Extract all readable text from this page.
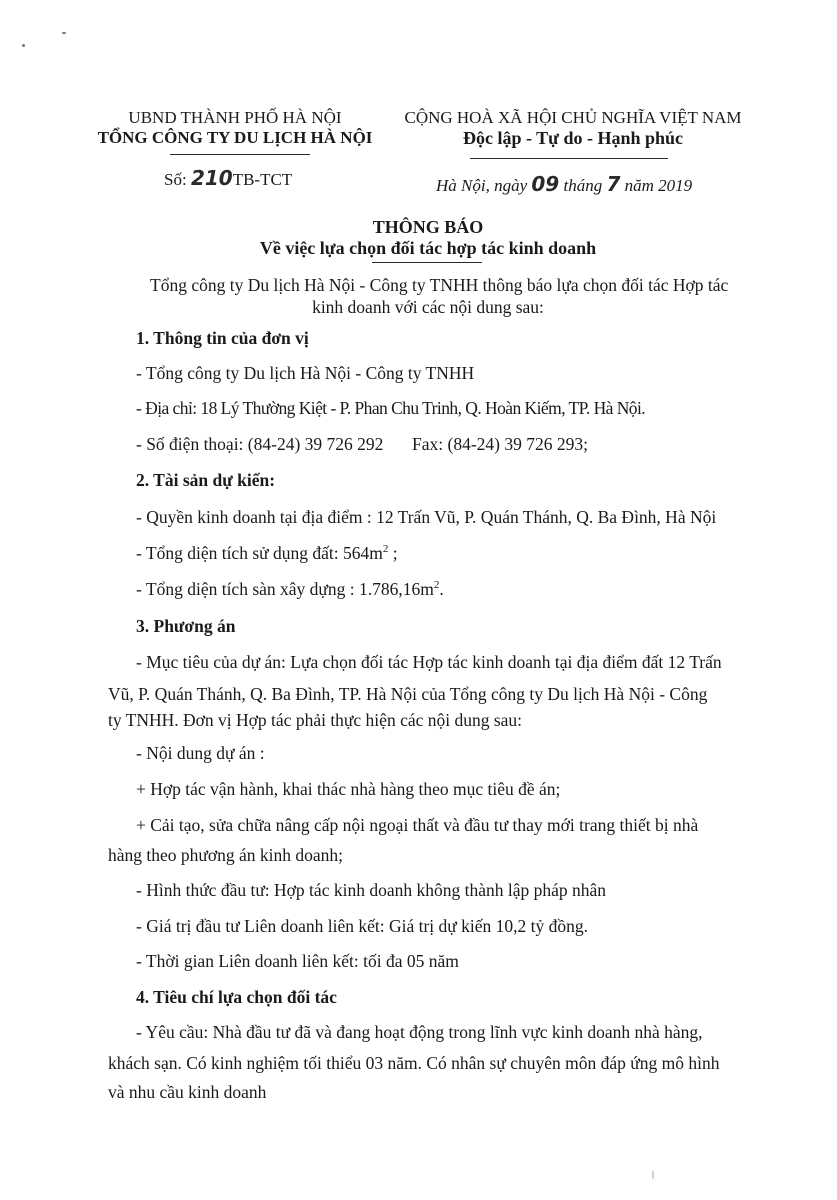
UBND THÀNH PHỐ HÀ NỘI
TỔNG CÔNG TY DU LỊCH HÀ NỘI
Số: 210TB-TCT
CỘNG HOÀ XÃ HỘI CHỦ NGHĨA VIỆT NAM
Độc lập - Tự do - Hạnh phúc
Hà Nội, ngày 09 tháng 7 năm 2019
THÔNG BÁO
Về việc lựa chọn đối tác hợp tác kinh doanh
Tổng công ty Du lịch Hà Nội - Công ty TNHH thông báo lựa chọn đối tác Hợp tác
kinh doanh với các nội dung sau:
1. Thông tin của đơn vị
- Tổng công ty Du lịch Hà Nội - Công ty TNHH
- Địa chỉ: 18 Lý Thường Kiệt - P. Phan Chu Trinh, Q. Hoàn Kiếm, TP. Hà Nội.
- Số điện thoại: (84-24) 39 726 292 Fax: (84-24) 39 726 293;
2. Tài sản dự kiến:
- Quyền kinh doanh tại địa điểm : 12 Trấn Vũ, P. Quán Thánh, Q. Ba Đình, Hà Nội
- Tổng diện tích sử dụng đất: $564m^2$ ;
- Tổng diện tích sàn xây dựng : $1.786,16m^2$.
3. Phương án
- Mục tiêu của dự án: Lựa chọn đối tác Hợp tác kinh doanh tại địa điểm đất 12 Trấn
Vũ, P. Quán Thánh, Q. Ba Đình, TP. Hà Nội của Tổng công ty Du lịch Hà Nội - Công
ty TNHH. Đơn vị Hợp tác phải thực hiện các nội dung sau:
- Nội dung dự án :
+ Hợp tác vận hành, khai thác nhà hàng theo mục tiêu đề án;
+ Cải tạo, sửa chữa nâng cấp nội ngoại thất và đầu tư thay mới trang thiết bị nhà
hàng theo phương án kinh doanh;
- Hình thức đầu tư: Hợp tác kinh doanh không thành lập pháp nhân
- Giá trị đầu tư Liên doanh liên kết: Giá trị dự kiến 10,2 tỷ đồng.
- Thời gian Liên doanh liên kết: tối đa 05 năm
4. Tiêu chí lựa chọn đối tác
- Yêu cầu: Nhà đầu tư đã và đang hoạt động trong lĩnh vực kinh doanh nhà hàng,
khách sạn. Có kinh nghiệm tối thiểu 03 năm. Có nhân sự chuyên môn đáp ứng mô hình
và nhu cầu kinh doanh
